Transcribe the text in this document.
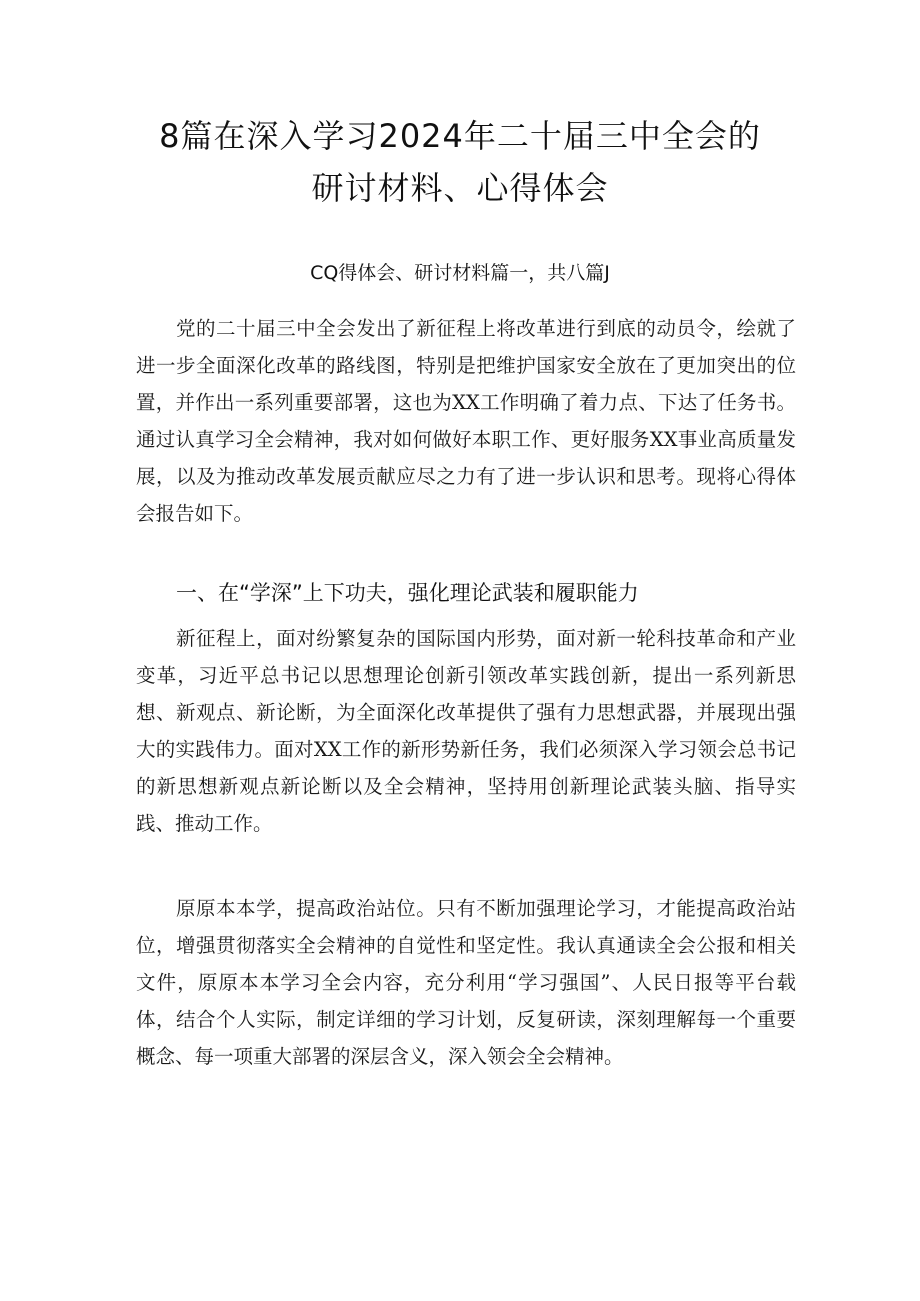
8篇在深入学习2024年二十届三中全会的
研讨材料、心得体会
CQ得体会、研讨材料篇一，共八篇J

党的二十届三中全会发出了新征程上将改革进行到底的动员令，绘就了进一步全面深化改革的路线图，特别是把维护国家安全放在了更加突出的位置，并作出一系列重要部署，这也为XX工作明确了着力点、下达了任务书。通过认真学习全会精神，我对如何做好本职工作、更好服务XX事业高质量发展，以及为推动改革发展贡献应尽之力有了进一步认识和思考。现将心得体会报告如下。

一、在“学深”上下功夫，强化理论武装和履职能力

新征程上，面对纷繁复杂的国际国内形势，面对新一轮科技革命和产业变革，习近平总书记以思想理论创新引领改革实践创新，提出一系列新思想、新观点、新论断，为全面深化改革提供了强有力思想武器，并展现出强大的实践伟力。面对XX工作的新形势新任务，我们必须深入学习领会总书记的新思想新观点新论断以及全会精神，坚持用创新理论武装头脑、指导实践、推动工作。

原原本本学，提高政治站位。只有不断加强理论学习，才能提高政治站位，增强贯彻落实全会精神的自觉性和坚定性。我认真通读全会公报和相关文件，原原本本学习全会内容，充分利用“学习强国”、人民日报等平台载体，结合个人实际，制定详细的学习计划，反复研读，深刻理解每一个重要概念、每一项重大部署的深层含义，深入领会全会精神。
